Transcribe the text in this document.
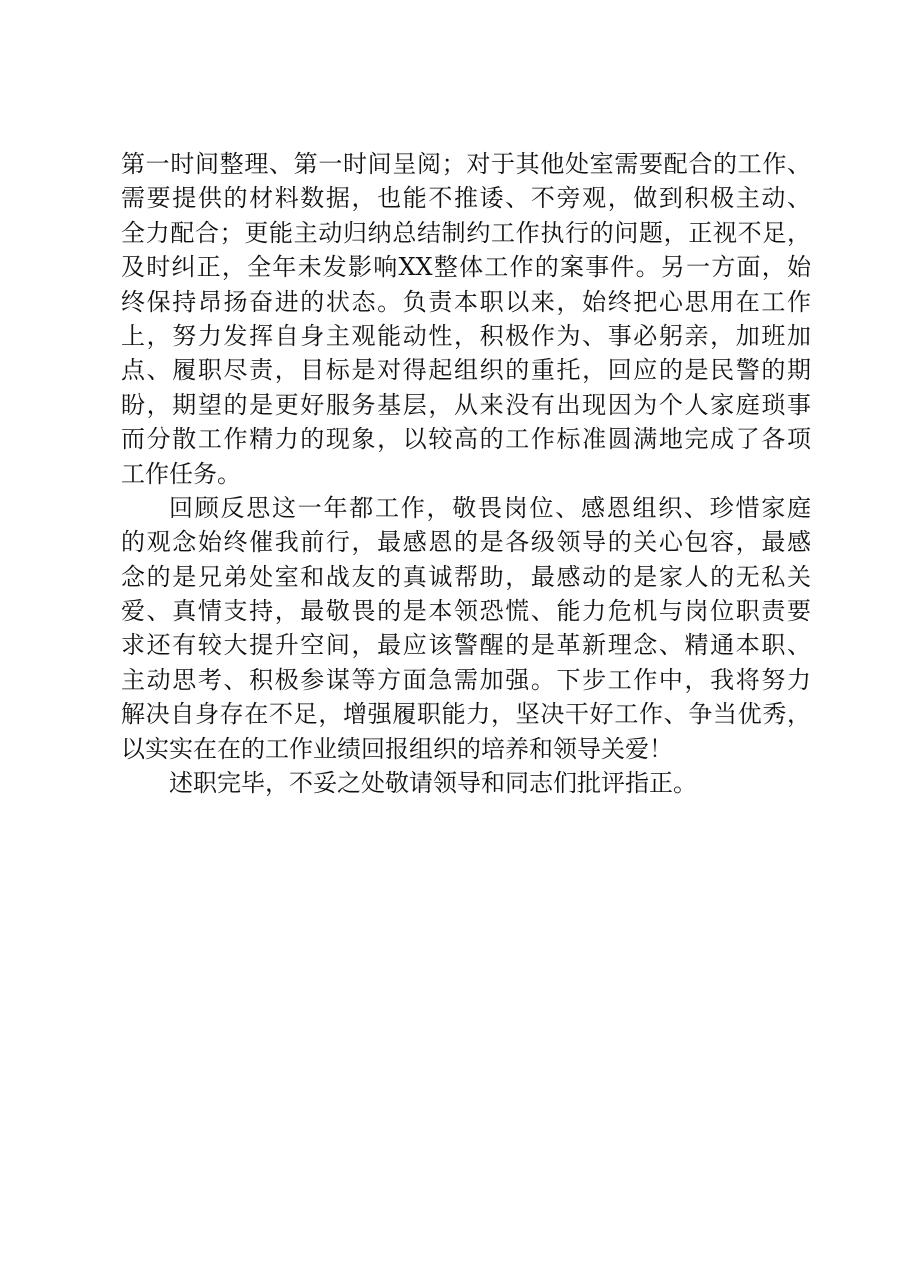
第一时间整理、第一时间呈阅；对于其他处室需要配合的工作、
需要提供的材料数据，也能不推诿、不旁观，做到积极主动、
全力配合；更能主动归纳总结制约工作执行的问题，正视不足，
及时纠正，全年未发影响XX整体工作的案事件。另一方面，始
终保持昂扬奋进的状态。负责本职以来，始终把心思用在工作
上，努力发挥自身主观能动性，积极作为、事必躬亲，加班加
点、履职尽责，目标是对得起组织的重托，回应的是民警的期
盼，期望的是更好服务基层，从来没有出现因为个人家庭琐事
而分散工作精力的现象，以较高的工作标准圆满地完成了各项
工作任务。
回顾反思这一年都工作，敬畏岗位、感恩组织、珍惜家庭
的观念始终催我前行，最感恩的是各级领导的关心包容，最感
念的是兄弟处室和战友的真诚帮助，最感动的是家人的无私关
爱、真情支持，最敬畏的是本领恐慌、能力危机与岗位职责要
求还有较大提升空间，最应该警醒的是革新理念、精通本职、
主动思考、积极参谋等方面急需加强。下步工作中，我将努力
解决自身存在不足，增强履职能力，坚决干好工作、争当优秀，
以实实在在的工作业绩回报组织的培养和领导关爱！
述职完毕，不妥之处敬请领导和同志们批评指正。
